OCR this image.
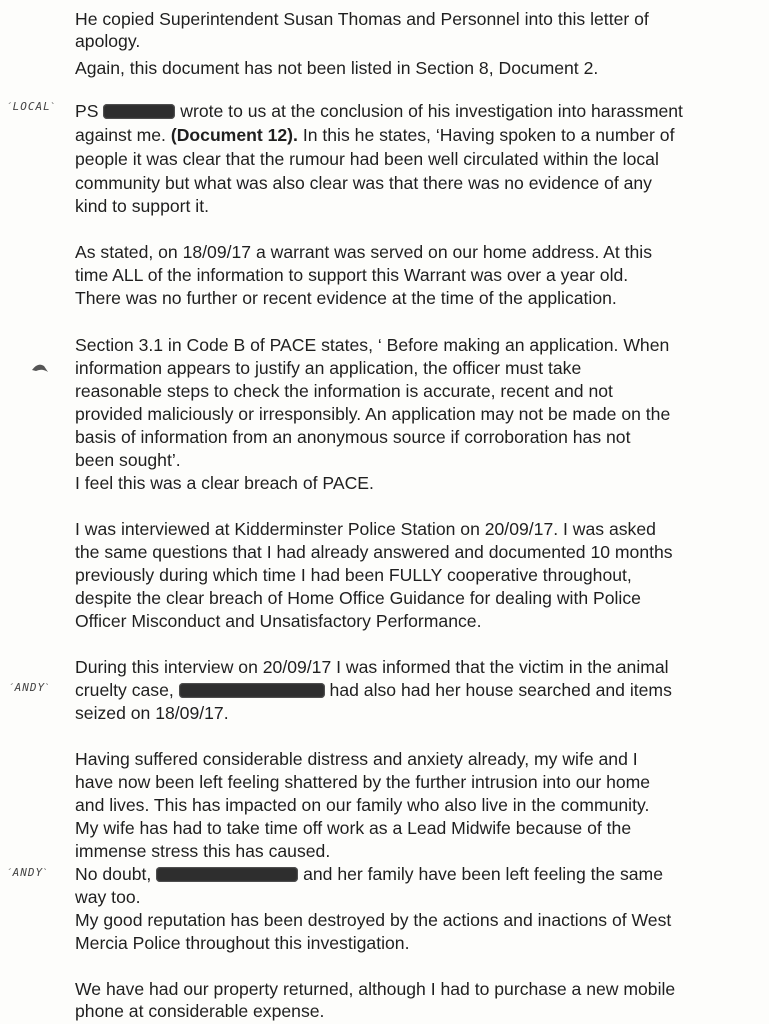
He copied Superintendent Susan Thomas and Personnel into this letter of
apology.
Again, this document has not been listed in Section 8, Document 2.
ˊLOCALˋ PS	wrote to us at the conclusion of his investigation into harassment
against me. (Document 12). In this he states, ‘Having spoken to a number of
people it was clear that the rumour had been well circulated within the local
community but what was also clear was that there was no evidence of any
kind to support it.
As stated, on 18/09/17 a warrant was served on our home address. At this
time ALL of the information to support this Warrant was over a year old.
There was no further or recent evidence at the time of the application.
Section 3.1 in Code B of PACE states, ‘ Before making an application. When
information appears to justify an application, the officer must take
reasonable steps to check the information is accurate, recent and not
provided maliciously or irresponsibly. An application may not be made on the
basis of information from an anonymous source if corroboration has not
been sought’.
I feel this was a clear breach of PACE.
I was interviewed at Kidderminster Police Station on 20/09/17. I was asked
the same questions that I had already answered and documented 10 months
previously during which time I had been FULLY cooperative throughout,
despite the clear breach of Home Office Guidance for dealing with Police
Officer Misconduct and Unsatisfactory Performance.
During this interview on 20/09/17 I was informed that the victim in the animal
ˊANDYˋ cruelty case,	had also had her house searched and items
seized on 18/09/17.
Having suffered considerable distress and anxiety already, my wife and I
have now been left feeling shattered by the further intrusion into our home
and lives. This has impacted on our family who also live in the community.
My wife has had to take time off work as a Lead Midwife because of the
immense stress this has caused.
ˊANDYˋ No doubt,	and her family have been left feeling the same
way too.
My good reputation has been destroyed by the actions and inactions of West
Mercia Police throughout this investigation.
We have had our property returned, although I had to purchase a new mobile
phone at considerable expense.
